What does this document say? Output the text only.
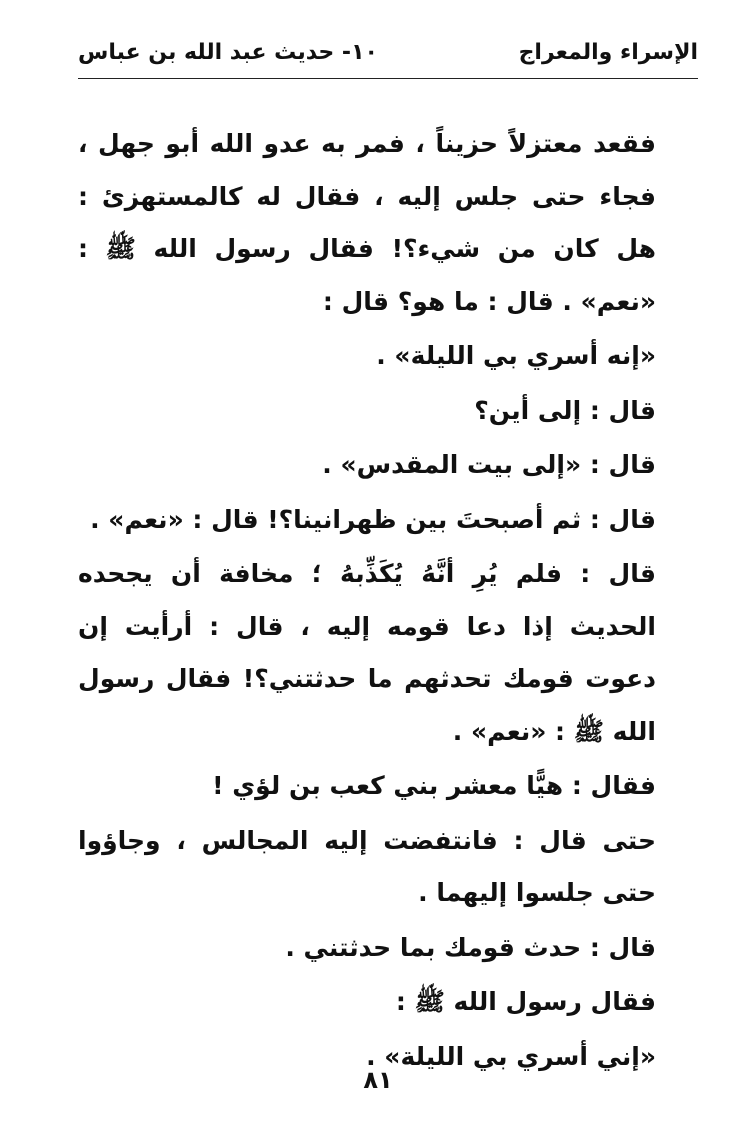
الإسراء والمعراج
١٠- حديث عبد الله بن عباس

فقعد معتزلاً حزيناً ، فمر به عدو الله أبو جهل ، فجاء حتى جلس إليه ، فقال له كالمستهزئ : هل كان من شيء؟! فقال رسول الله ﷺ : «نعم» . قال : ما هو؟ قال :

«إنه أسري بي الليلة» .

قال : إلى أين؟

قال : «إلى بيت المقدس» .

قال : ثم أصبحتَ بين ظهرانينا؟! قال : «نعم» .

قال : فلم يُرِ أنَّهُ يُكَذِّبهُ ؛ مخافة أن يجحده الحديث إذا دعا قومه إليه ، قال : أرأيت إن دعوت قومك تحدثهم ما حدثتني؟! فقال رسول الله ﷺ : «نعم» .

فقال : هيًّا معشر بني كعب بن لؤي !

حتى قال : فانتفضت إليه المجالس ، وجاؤوا حتى جلسوا إليهما .

قال : حدث قومك بما حدثتني .

فقال رسول الله ﷺ :

«إني أسري بي الليلة» .

٨١
